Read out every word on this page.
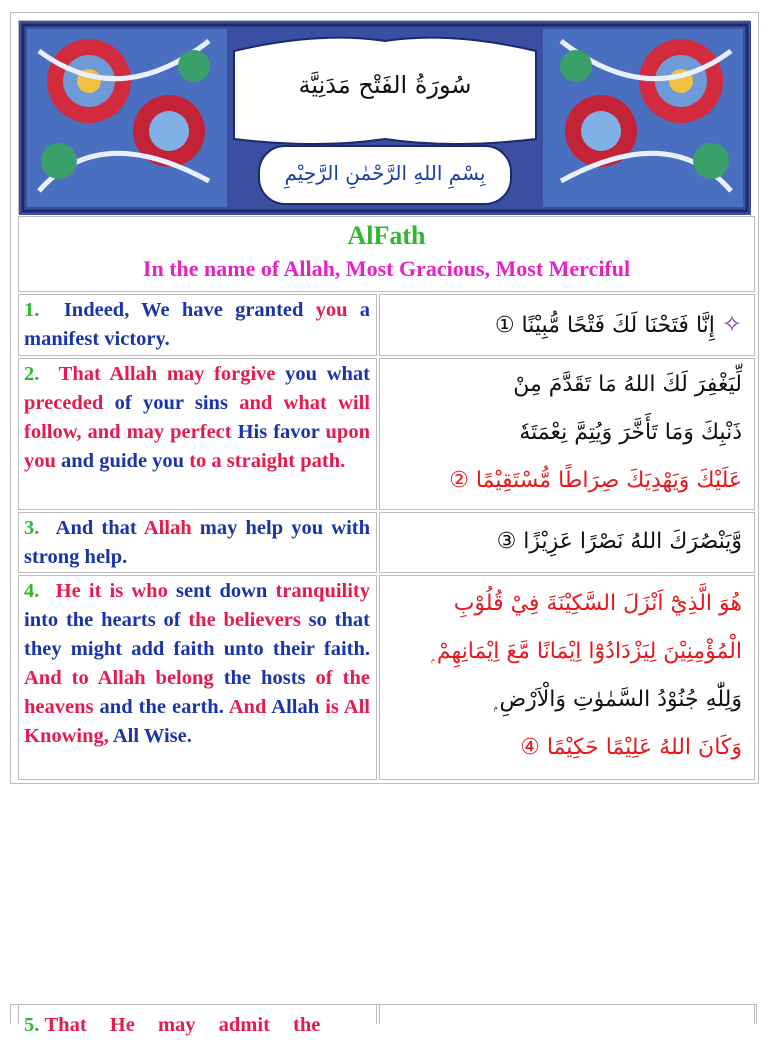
سُورَةُ الفَتْح مَدَنِيَّة
بِسْمِ اللهِ الرَّحْمٰنِ الرَّحِيْمِ
AlFath
In the name of Allah, Most Gracious, Most Merciful
1.  Indeed, We have granted you a manifest victory.
✧ إِنَّا فَتَحْنَا لَكَ فَتْحًا مُّبِيْنًا ①
2.  That Allah may forgive you what preceded of your sins and what will follow, and may perfect His favor upon you and guide you to a straight path.
لِّيَغْفِرَ لَكَ اللهُ مَا تَقَدَّمَ مِنْ
ذَنْبِكَ وَمَا تَأَخَّرَ وَيُتِمَّ نِعْمَتَهٗ
عَلَيْكَ وَيَهْدِيَكَ صِرَاطًا مُّسْتَقِيْمًا ②
3.  And that Allah may help you with strong help.
وَّيَنْصُرَكَ اللهُ نَصْرًا عَزِيْزًا ③
4.  He it is who sent down tranquility into the hearts of the believers so that they might add faith unto their faith. And to Allah belong the hosts of the heavens and the earth. And Allah is All Knowing, All Wise.
هُوَ الَّذِيْٓ اَنْزَلَ السَّكِيْنَةَ فِيْ قُلُوْبِ
الْمُؤْمِنِيْنَ لِيَزْدَادُوْٓا اِيْمَانًا مَّعَ اِيْمَانِهِمْ ۭ
وَلِلّٰهِ جُنُوْدُ السَّمٰوٰتِ وَالْاَرْضِ ۭ
وَكَانَ اللهُ عَلِيْمًا حَكِيْمًا ④
5. That He may admit the
